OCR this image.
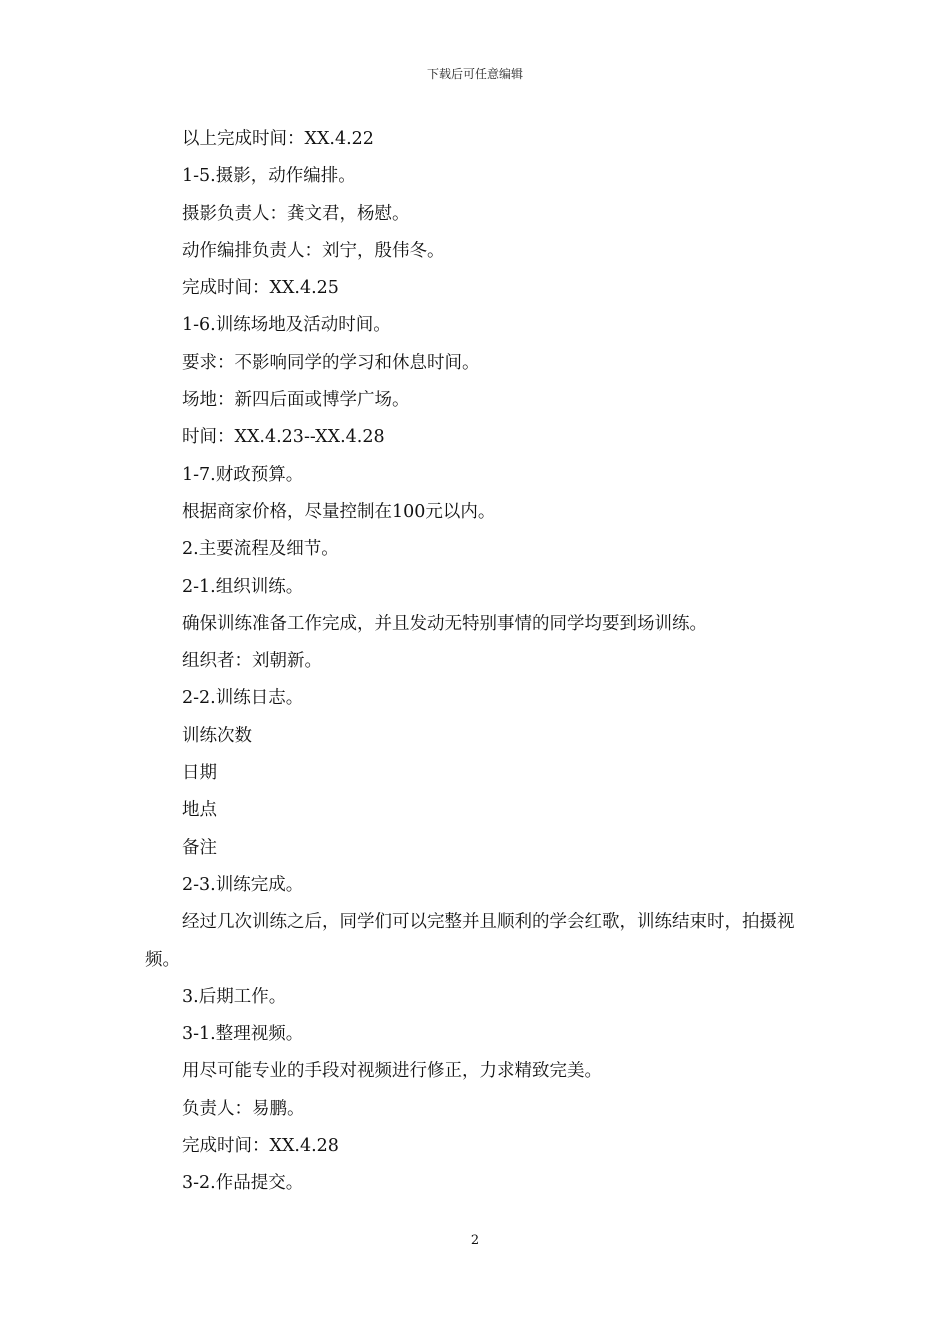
下载后可任意编辑

以上完成时间：XX.4.22

1-5.摄影，动作编排。

摄影负责人：龚文君，杨慰。

动作编排负责人：刘宁，殷伟冬。

完成时间：XX.4.25

1-6.训练场地及活动时间。

要求：不影响同学的学习和休息时间。

场地：新四后面或博学广场。

时间：XX.4.23--XX.4.28

1-7.财政预算。

根据商家价格，尽量控制在100元以内。

2.主要流程及细节。

2-1.组织训练。

确保训练准备工作完成，并且发动无特别事情的同学均要到场训练。

组织者：刘朝新。

2-2.训练日志。

训练次数

日期

地点

备注

2-3.训练完成。

经过几次训练之后，同学们可以完整并且顺利的学会红歌，训练结束时，拍摄视频。

3.后期工作。

3-1.整理视频。

用尽可能专业的手段对视频进行修正，力求精致完美。

负责人：易鹏。

完成时间：XX.4.28

3-2.作品提交。

2
